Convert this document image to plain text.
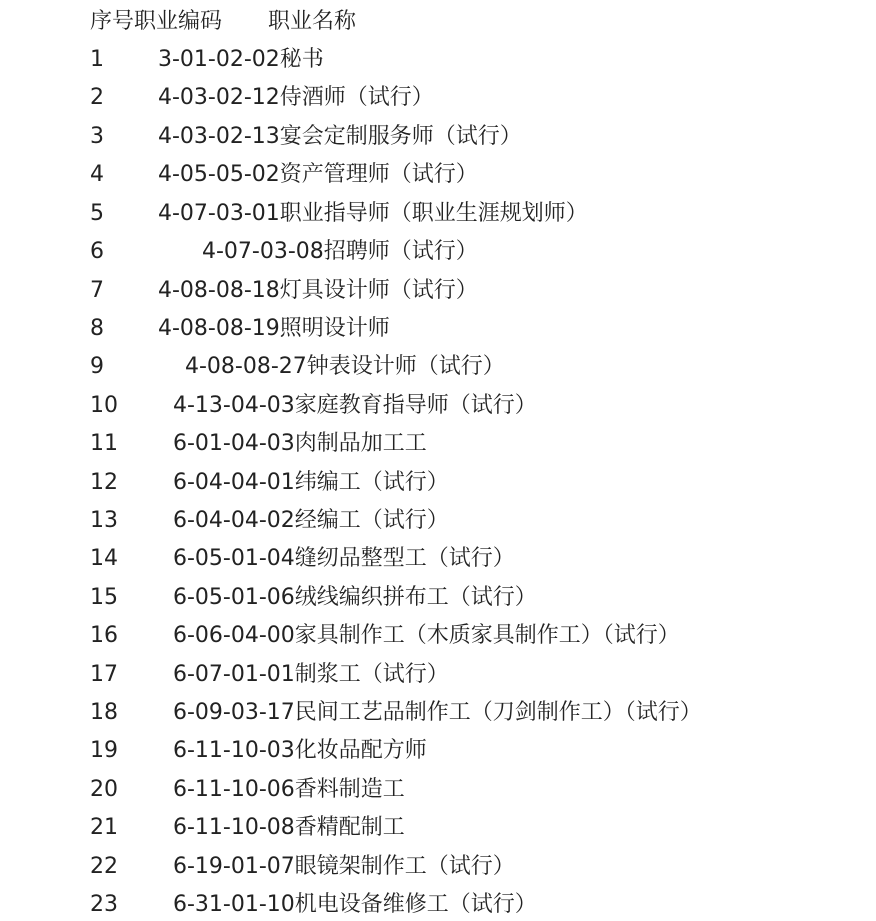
序号职业编码 职业名称
1 3-01-02-02秘书
2 4-03-02-12侍酒师（试行）
3 4-03-02-13宴会定制服务师（试行）
4 4-05-05-02资产管理师（试行）
5 4-07-03-01职业指导师（职业生涯规划师）
6	4-07-03-08招聘师（试行）
7 4-08-08-18灯具设计师（试行）
8 4-08-08-19照明设计师
9	4-08-08-27钟表设计师（试行）
10	4-13-04-03家庭教育指导师（试行）
11	6-01-04-03肉制品加工工
12	6-04-04-01纬编工（试行）
13	6-04-04-02经编工（试行）
14	6-05-01-04缝纫品整型工（试行）
15	6-05-01-06绒线编织拼布工（试行）
16	6-06-04-00家具制作工（木质家具制作工）（试行）
17	6-07-01-01制浆工（试行）
18	6-09-03-17民间工艺品制作工（刀剑制作工）（试行）
19	6-11-10-03化妆品配方师
20	6-11-10-06香料制造工
21	6-11-10-08香精配制工
22	6-19-01-07眼镜架制作工（试行）
23	6-31-01-10机电设备维修工（试行）
